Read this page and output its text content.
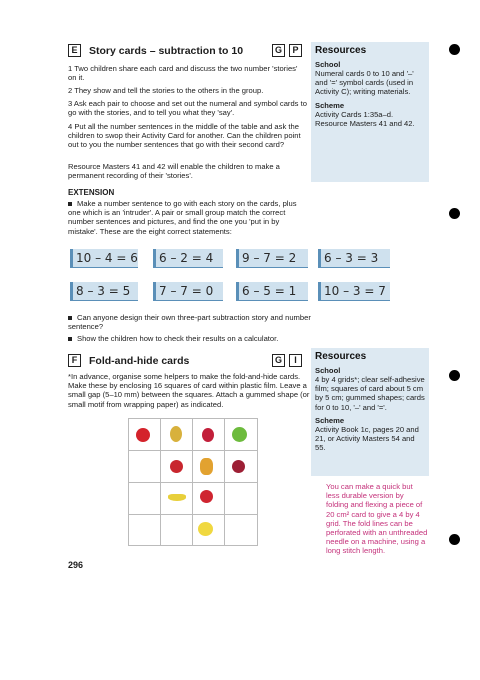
E	Story cards – subtraction to 10	G	P
1 Two children share each card and discuss the two number 'stories' on it.
2 They show and tell the stories to the others in the group.
3 Ask each pair to choose and set out the numeral and symbol cards to go with the stories, and to tell you what they 'say'.
4 Put all the number sentences in the middle of the table and ask the children to swop their Activity Card for another. Can the children point out to you the number sentences that go with their second card?
Resource Masters 41 and 42 will enable the children to make a permanent recording of their 'stories'.
Resources
School
Numeral cards 0 to 10 and '–' and '=' symbol cards (used in Activity C); writing materials.
Scheme
Activity Cards 1:35a–d. Resource Masters 41 and 42.
EXTENSION
Make a number sentence to go with each story on the cards, plus one which is an 'intruder'. A pair or small group match the correct number sentences and pictures, and find the one you 'put in by mistake'. These are the eight correct statements:
10 – 4 = 6	6 – 2 = 4	9 – 7 = 2	6 – 3 = 3
8 – 3 = 5	7 – 7 = 0	6 – 5 = 1	10 – 3 = 7
Can anyone design their own three-part subtraction story and number sentence?
Show the children how to check their results on a calculator.
F	Fold-and-hide cards	G	I
*In advance, organise some helpers to make the fold-and-hide cards. Make these by enclosing 16 squares of card within plastic film. Leave a small gap (5–10 mm) between the squares. Attach a gummed shape (or small motif from wrapping paper) as indicated.
Resources
School
4 by 4 grids*; clear self-adhesive film; squares of card about 5 cm by 5 cm; gummed shapes; cards for 0 to 10, '–' and '='.
Scheme
Activity Book 1c, pages 20 and 21, or Activity Masters 54 and 55.
You can make a quick but less durable version by folding and flexing a piece of 20 cm² card to give a 4 by 4 grid. The fold lines can be perforated with an unthreaded needle on a machine, using a long stitch length.
296
